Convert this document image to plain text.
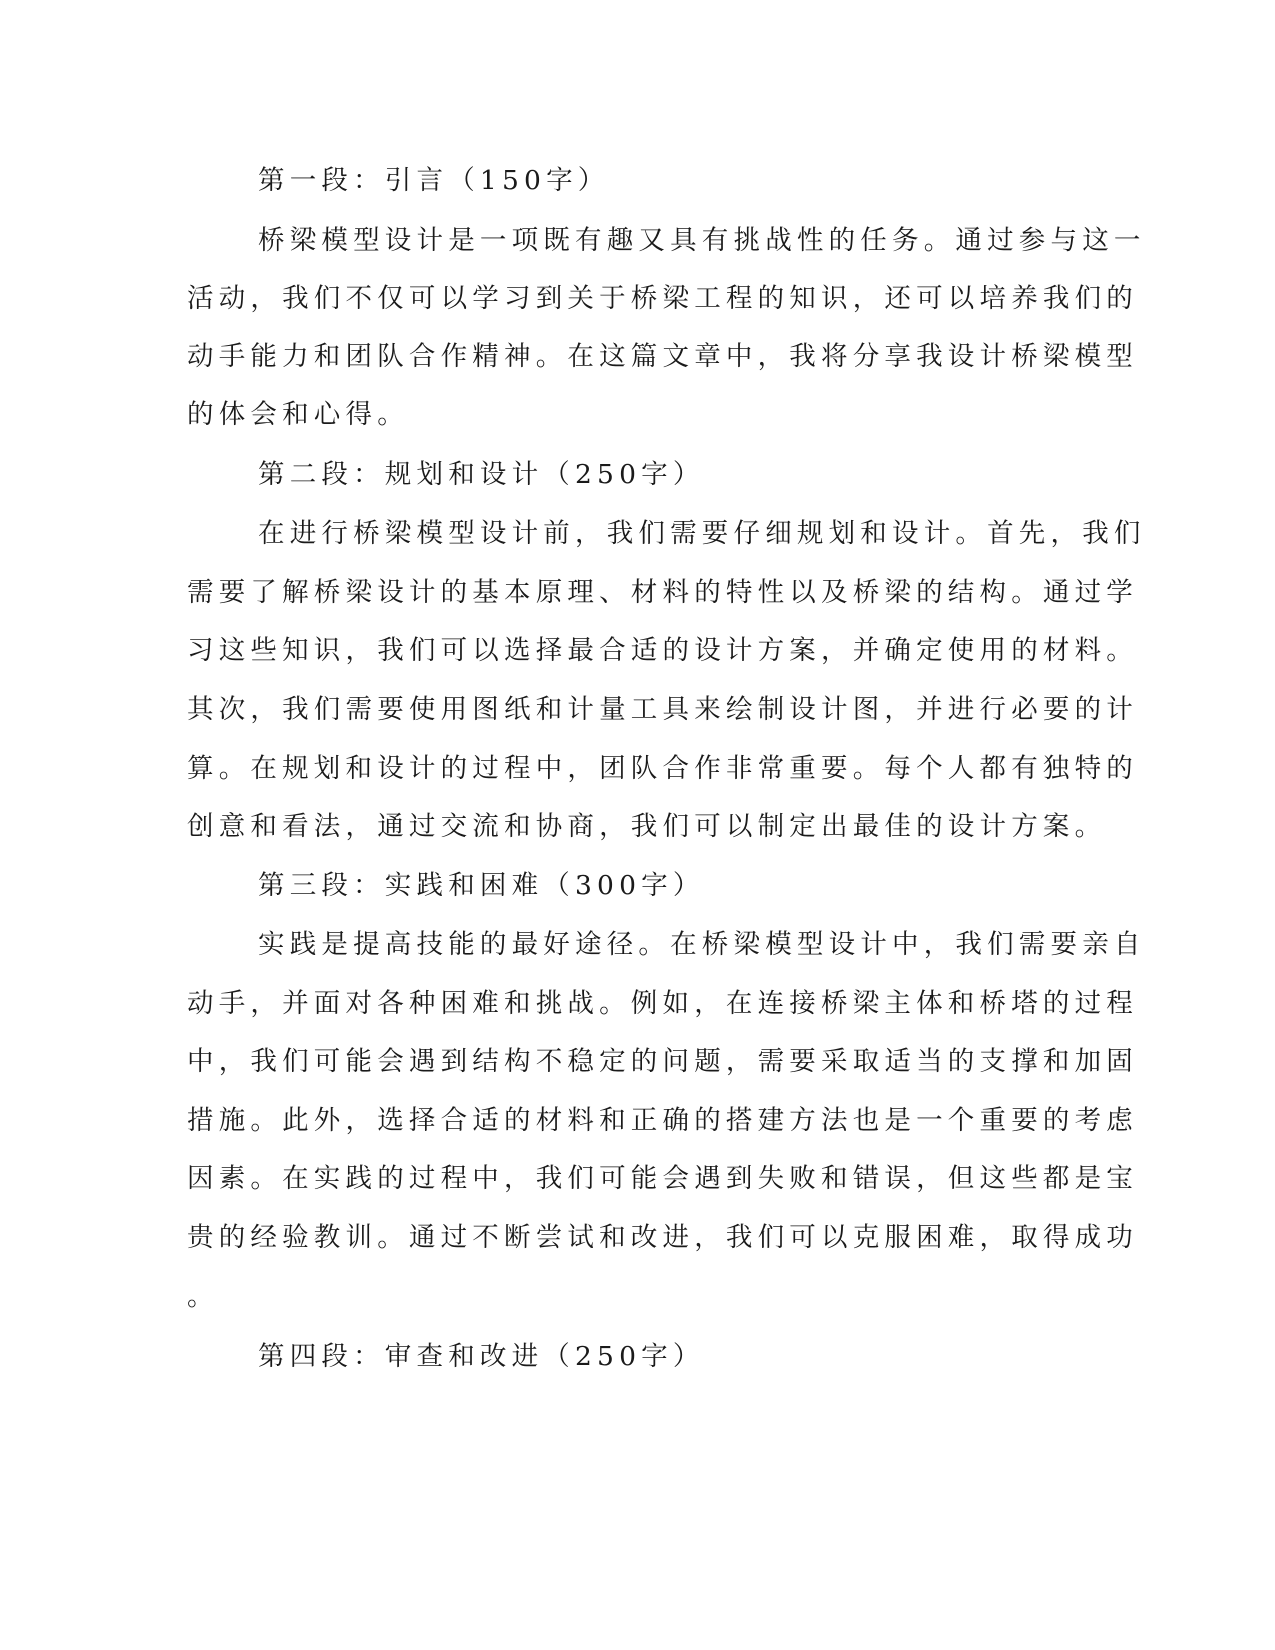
第一段：引言（150字）
桥梁模型设计是一项既有趣又具有挑战性的任务。通过参与这一
活动，我们不仅可以学习到关于桥梁工程的知识，还可以培养我们的
动手能力和团队合作精神。在这篇文章中，我将分享我设计桥梁模型
的体会和心得。
第二段：规划和设计（250字）
在进行桥梁模型设计前，我们需要仔细规划和设计。首先，我们
需要了解桥梁设计的基本原理、材料的特性以及桥梁的结构。通过学
习这些知识，我们可以选择最合适的设计方案，并确定使用的材料。
其次，我们需要使用图纸和计量工具来绘制设计图，并进行必要的计
算。在规划和设计的过程中，团队合作非常重要。每个人都有独特的
创意和看法，通过交流和协商，我们可以制定出最佳的设计方案。
第三段：实践和困难（300字）
实践是提高技能的最好途径。在桥梁模型设计中，我们需要亲自
动手，并面对各种困难和挑战。例如，在连接桥梁主体和桥塔的过程
中，我们可能会遇到结构不稳定的问题，需要采取适当的支撑和加固
措施。此外，选择合适的材料和正确的搭建方法也是一个重要的考虑
因素。在实践的过程中，我们可能会遇到失败和错误，但这些都是宝
贵的经验教训。通过不断尝试和改进，我们可以克服困难，取得成功
。
第四段：审查和改进（250字）
